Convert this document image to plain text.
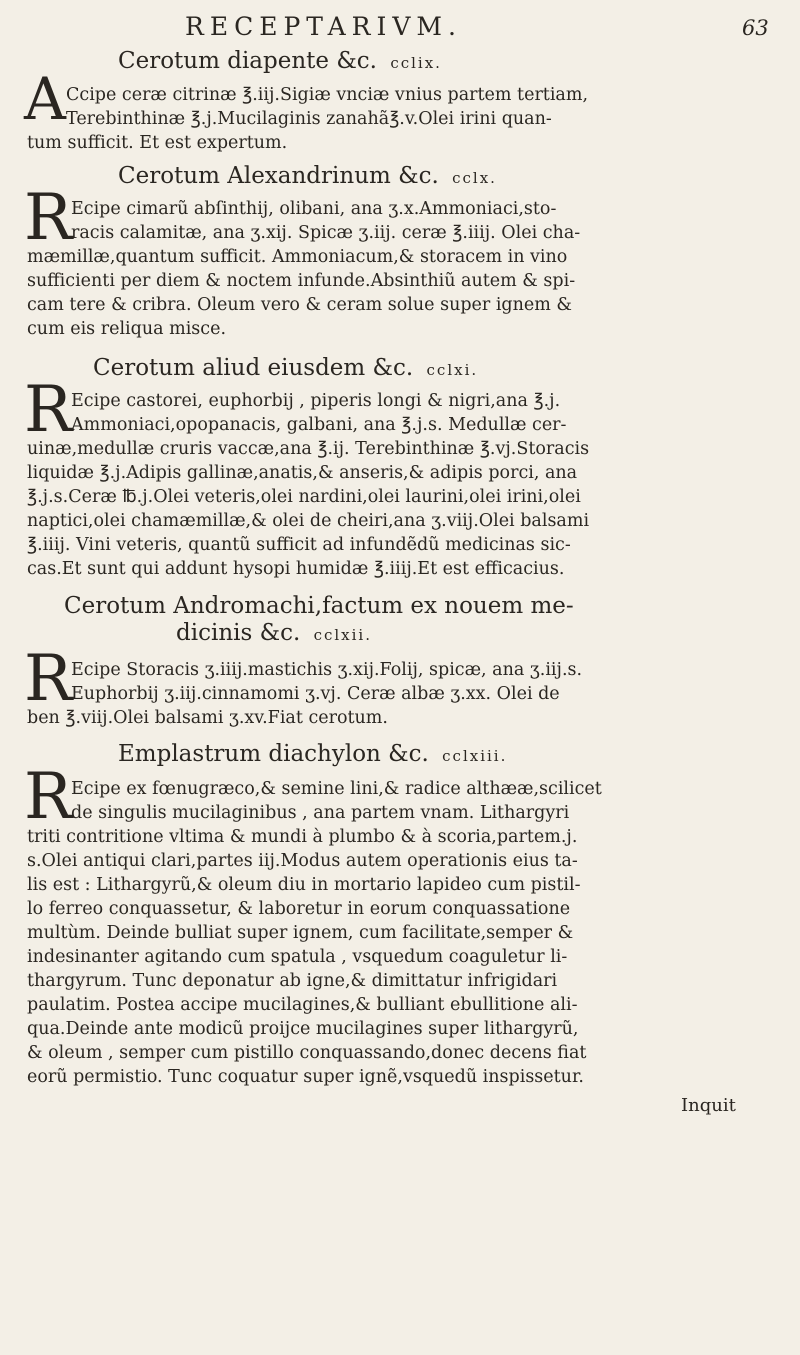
RECEPTARIVM.	63
Cerotum diapente &c. cclix.
A Ccipe ceræ citrinæ ℥.iij.Sigiæ vnciæ vnius partem tertiam,
Terebinthinæ ℥.j.Mucilaginis zanahã℥.v.Olei irini quan-
tum sufficit. Et est expertum.
Cerotum Alexandrinum &c. cclx.
R
Ecipe cimarũ abſinthij, olibani, ana ʒ.x.Ammoniaci,sto-
racis calamitæ, ana ʒ.xij. Spicæ ʒ.iij. ceræ ℥.iiij. Olei cha-
mæmillæ,quantum sufficit. Ammoniacum,& storacem in vino
sufficienti per diem & noctem infunde.Absinthiũ autem & spi-
cam tere & cribra. Oleum vero & ceram solue super ignem &
cum eis reliqua misce.
Cerotum aliud eiusdem &c. cclxi.
R
Ecipe castorei, euphorbij , piperis longi & nigri,ana ℥.j.
Ammoniaci,opopanacis, galbani, ana ℥.j.s. Medullæ cer-
uinæ,medullæ cruris vaccæ,ana ℥.ij. Terebinthinæ ℥.vj.Storacis
liquidæ ℥.j.Adipis gallinæ,anatis,& anseris,& adipis porci, ana
℥.j.s.Ceræ ℔.j.Olei veteris,olei nardini,olei laurini,olei irini,olei
naptici,olei chamæmillæ,& olei de cheiri,ana ʒ.viij.Olei balsami
℥.iiij. Vini veteris, quantũ sufficit ad infundẽdũ medicinas sic-
cas.Et sunt qui addunt hysopi humidæ ℥.iiij.Et est efficacius.
Cerotum Andromachi,factum ex nouem me-
dicinis &c. cclxii.
R
Ecipe Storacis ʒ.iiij.mastichis ʒ.xij.Folij, spicæ, ana ʒ.iij.s.
Euphorbij ʒ.iij.cinnamomi ʒ.vj. Ceræ albæ ʒ.xx. Olei de
ben ℥.viij.Olei balsami ʒ.xv.Fiat cerotum.
Emplastrum diachylon &c. cclxiii.
R
Ecipe ex fœnugræco,& semine lini,& radice althææ,scilicet
de singulis mucilaginibus , ana partem vnam. Lithargyri
triti contritione vltima & mundi à plumbo & à scoria,partem.j.
s.Olei antiqui clari,partes iij.Modus autem operationis eius ta-
lis est : Lithargyrũ,& oleum diu in mortario lapideo cum pistil-
lo ferreo conquassetur, & laboretur in eorum conquassatione
multùm. Deinde bulliat super ignem, cum facilitate,semper &
indesinanter agitando cum spatula , vsquedum coaguletur li-
thargyrum. Tunc deponatur ab igne,& dimittatur infrigidari
paulatim. Postea accipe mucilagines,& bulliant ebullitione ali-
qua.Deinde ante modicũ proijce mucilagines super lithargyrũ,
& oleum , semper cum pistillo conquassando,donec decens fiat
eorũ permistio. Tunc coquatur super ignẽ,vsquedũ inspissetur.
Inquit
